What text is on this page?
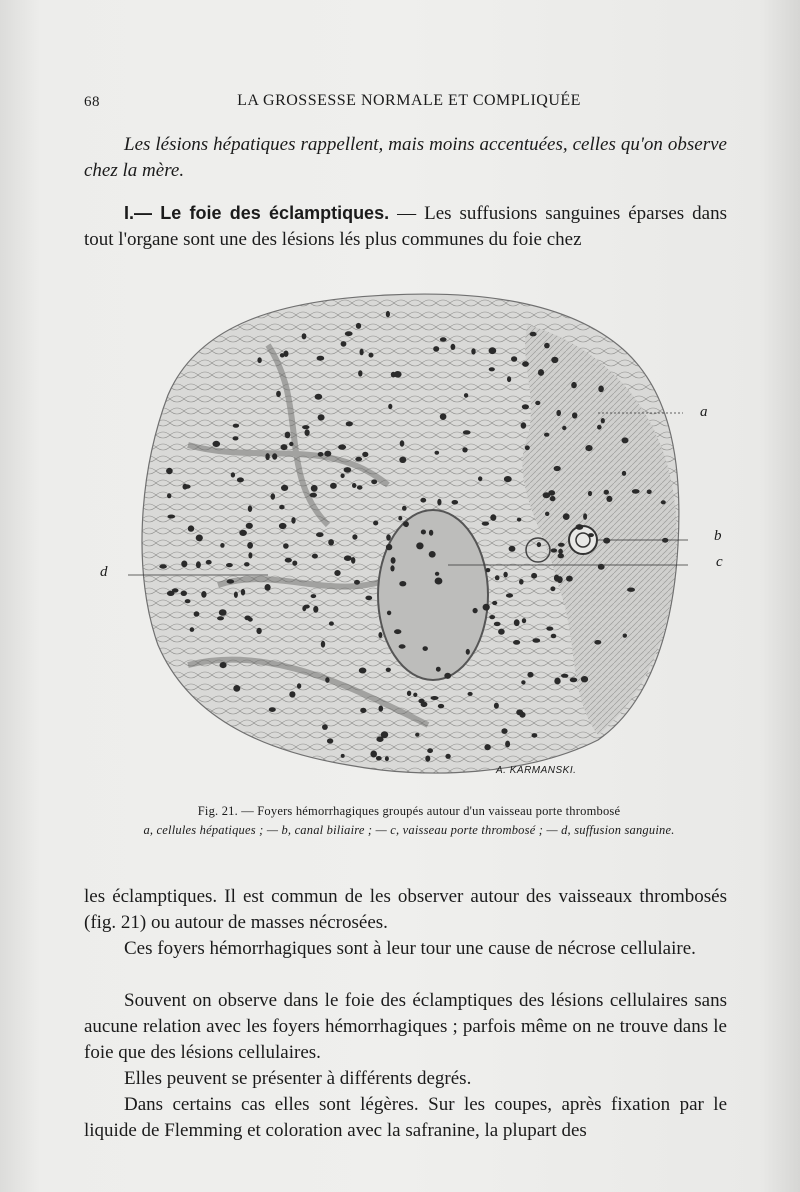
68	LA GROSSESSE NORMALE ET COMPLIQUÉE

Les lésions hépatiques rappellent, mais moins accentuées, celles qu'on observe chez la mère.

I.— Le foie des éclamptiques. — Les suffusions sanguines éparses dans tout l'organe sont une des lésions lés plus communes du foie chez

a
b
c
d
A. KARMANSKI.
Fig. 21. — Foyers hémorrhagiques groupés autour d'un vaisseau porte thrombosé
a, cellules hépatiques ; — b, canal biliaire ; — c, vaisseau porte thrombosé ; — d, suffusion sanguine.

les éclamptiques. Il est commun de les observer autour des vaisseaux thrombosés (fig. 21) ou autour de masses nécrosées.

Ces foyers hémorrhagiques sont à leur tour une cause de nécrose cellulaire.

Souvent on observe dans le foie des éclamptiques des lésions cellulaires sans aucune relation avec les foyers hémorrhagiques ; parfois même on ne trouve dans le foie que des lésions cellulaires.

Elles peuvent se présenter à différents degrés.

Dans certains cas elles sont légères. Sur les coupes, après fixation par le liquide de Flemming et coloration avec la safranine, la plupart des
